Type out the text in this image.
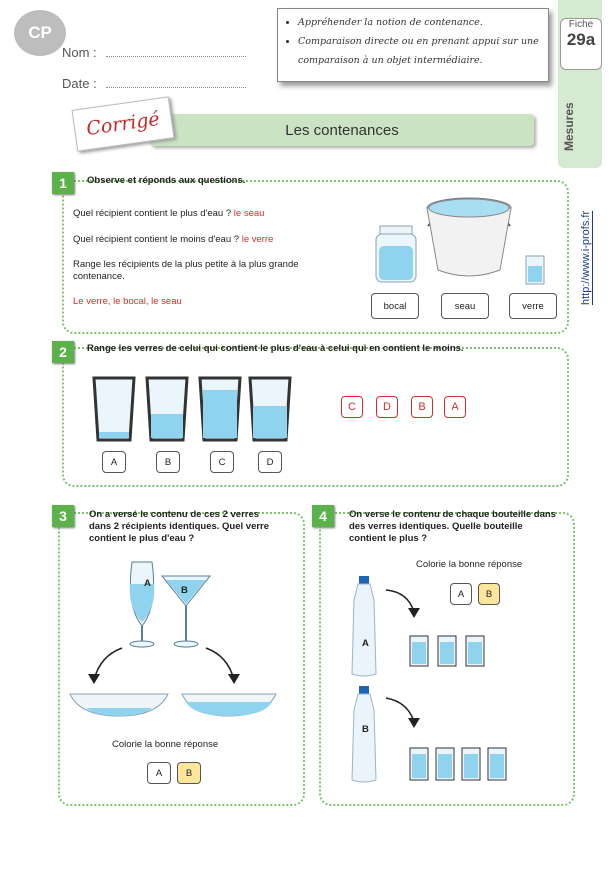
CP
Nom :
Date :
• Appréhender la notion de contenance.
• Comparaison directe ou en prenant appui sur une comparaison à un objet intermédiaire.
Fiche
29a
Mesures
http://www.i-profs.fr
Les contenances
Corrigé
1	Observe et réponds aux questions.
Quel récipient contient le plus d'eau ? le seau
Quel récipient contient le moins d'eau ? le verre
Range les récipients de la plus petite à la plus grande contenance.
Le verre, le bocal, le seau	bocal	seau	verre
2	Range les verres de celui qui contient le plus d'eau à celui qui en contient le moins.
A	B	C	D
C	D	B	A
3	On a versé le contenu de ces 2 verres dans 2 récipients identiques. Quel verre contient le plus d'eau ?
A
B
Colorie la bonne réponse
A	B
4	On verse le contenu de chaque bouteille dans des verres identiques. Quelle bouteille contient le plus ?
Colorie la bonne réponse
A	B
A
B
